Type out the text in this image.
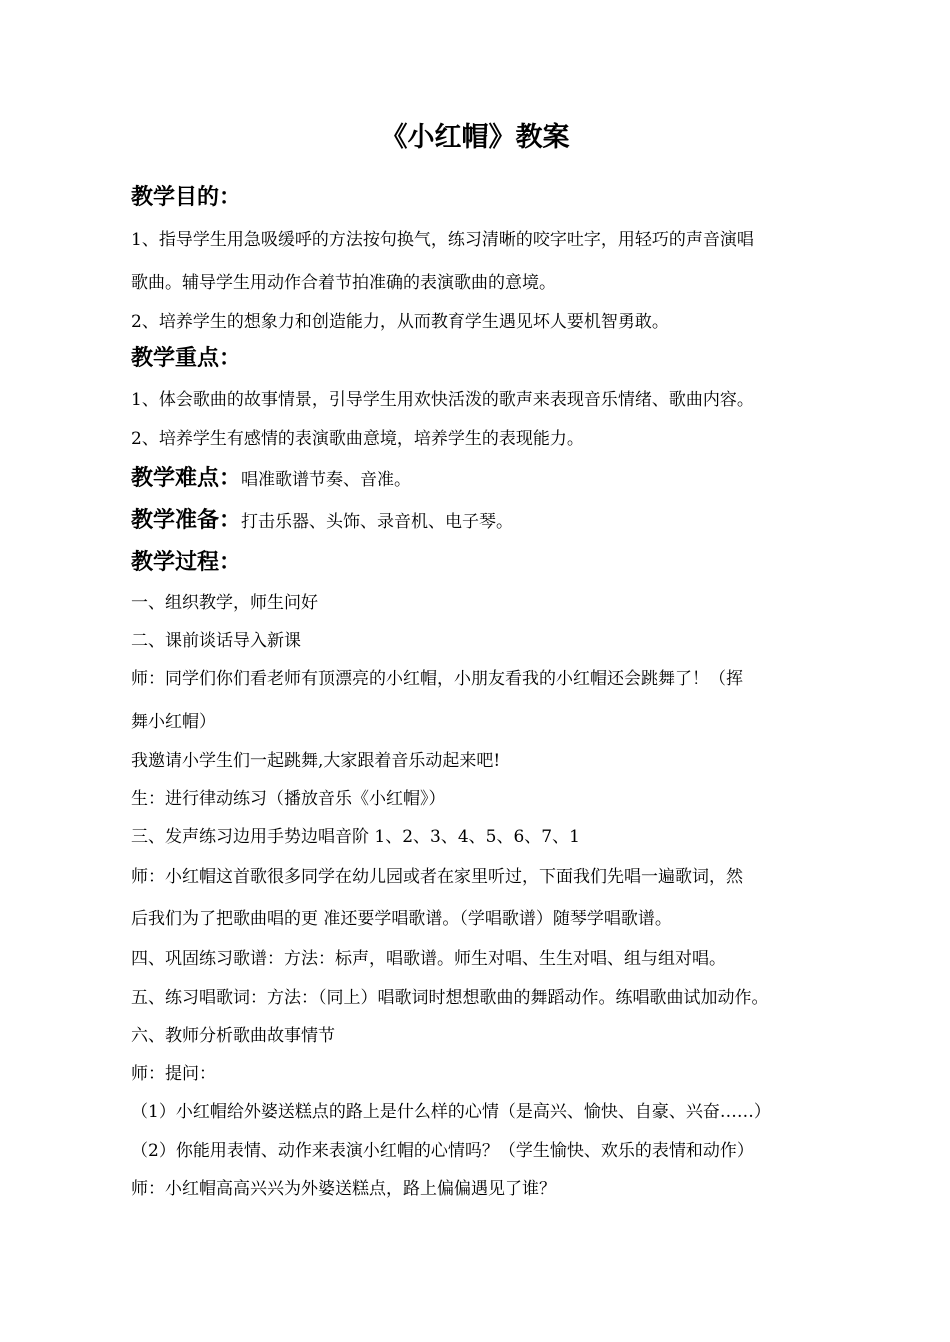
《小红帽》教案
教学目的：

1、指导学生用急吸缓呼的方法按句换气，练习清晰的咬字吐字，用轻巧的声音演唱

歌曲。辅导学生用动作合着节拍准确的表演歌曲的意境。

2、培养学生的想象力和创造能力，从而教育学生遇见坏人要机智勇敢。

教学重点：

1、体会歌曲的故事情景，引导学生用欢快活泼的歌声来表现音乐情绪、歌曲内容。

2、培养学生有感情的表演歌曲意境，培养学生的表现能力。

教学难点：唱准歌谱节奏、音准。
教学准备：打击乐器、头饰、录音机、电子琴。
教学过程：

一、组织教学，师生问好

二、课前谈话导入新课

师：同学们你们看老师有顶漂亮的小红帽，小朋友看我的小红帽还会跳舞了！（挥

舞小红帽）

我邀请小学生们一起跳舞,大家跟着音乐动起来吧!

生：进行律动练习（播放音乐《小红帽》）

三、发声练习边用手势边唱音阶 1、2、3、4、5、6、7、1

师：小红帽这首歌很多同学在幼儿园或者在家里听过，下面我们先唱一遍歌词，然

后我们为了把歌曲唱的更 准还要学唱歌谱。（学唱歌谱）随琴学唱歌谱。

四、巩固练习歌谱：方法：标声，唱歌谱。师生对唱、生生对唱、组与组对唱。

五、练习唱歌词：方法：（同上）唱歌词时想想歌曲的舞蹈动作。练唱歌曲试加动作。

六、教师分析歌曲故事情节

师：提问：

（1）小红帽给外婆送糕点的路上是什么样的心情（是高兴、愉快、自豪、兴奋……）

（2）你能用表情、动作来表演小红帽的心情吗？（学生愉快、欢乐的表情和动作）

师：小红帽高高兴兴为外婆送糕点，路上偏偏遇见了谁？
